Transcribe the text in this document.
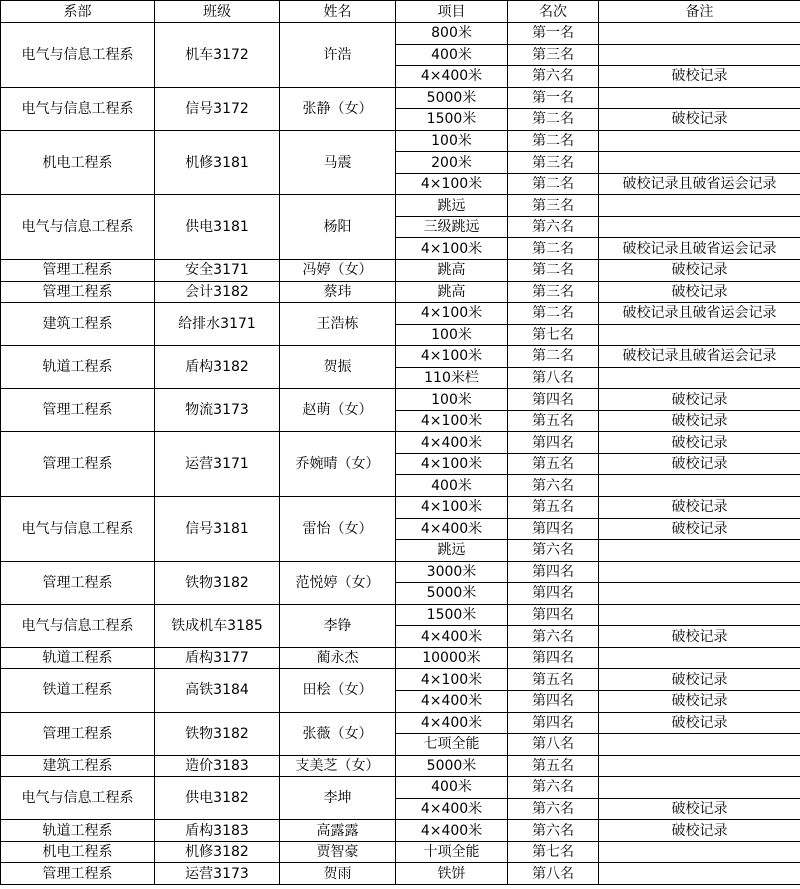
系部	班级	姓名	项目	名次	备注
电气与信息工程系	机车3172	许浩	800米	第一名	
			400米	第三名	
			4×400米	第六名	破校记录
电气与信息工程系	信号3172	张静（女）	5000米	第一名	
			1500米	第二名	破校记录
机电工程系	机修3181	马震	100米	第二名	
			200米	第三名	
			4×100米	第二名	破校记录且破省运会记录
电气与信息工程系	供电3181	杨阳	跳远	第三名	
			三级跳远	第六名	
			4×100米	第二名	破校记录且破省运会记录
管理工程系	安全3171	冯婷（女）	跳高	第二名	破校记录
管理工程系	会计3182	蔡玮	跳高	第三名	破校记录
建筑工程系	给排水3171	王浩栋	4×100米	第二名	破校记录且破省运会记录
			100米	第七名	
轨道工程系	盾构3182	贺振	4×100米	第二名	破校记录且破省运会记录
			110米栏	第八名	
管理工程系	物流3173	赵萌（女）	100米	第四名	破校记录
			4×100米	第五名	破校记录
管理工程系	运营3171	乔婉晴（女）	4×400米	第四名	破校记录
			4×100米	第五名	破校记录
			400米	第六名	
电气与信息工程系	信号3181	雷怡（女）	4×100米	第五名	破校记录
			4×400米	第四名	破校记录
			跳远	第六名	
管理工程系	铁物3182	范悦婷（女）	3000米	第四名	
			5000米	第四名	
电气与信息工程系	铁成机车3185	李铮	1500米	第四名	
			4×400米	第六名	破校记录
轨道工程系	盾构3177	蔺永杰	10000米	第四名	
铁道工程系	高铁3184	田桧（女）	4×100米	第五名	破校记录
			4×400米	第四名	破校记录
管理工程系	铁物3182	张薇（女）	4×400米	第四名	破校记录
			七项全能	第八名	
建筑工程系	造价3183	支美芝（女）	5000米	第五名	
电气与信息工程系	供电3182	李坤	400米	第六名	
			4×400米	第六名	破校记录
轨道工程系	盾构3183	高露露	4×400米	第六名	破校记录
机电工程系	机修3182	贾智豪	十项全能	第七名	
管理工程系	运营3173	贺雨	铁饼	第八名	
